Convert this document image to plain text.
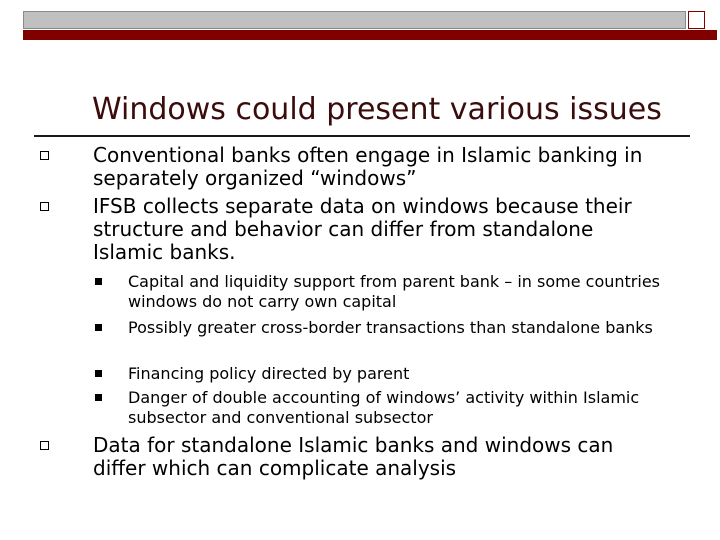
Windows could present various issues
Conventional banks often engage in Islamic banking in separately organized “windows”
IFSB collects separate data on windows because their structure and behavior can differ from standalone Islamic banks.
Capital and liquidity support from parent bank – in some countries windows do not carry own capital
Possibly greater cross-border transactions than standalone banks
Financing policy directed by parent
Danger of double accounting of windows’ activity within Islamic subsector and conventional subsector
Data for standalone Islamic banks and windows can differ which can complicate analysis
